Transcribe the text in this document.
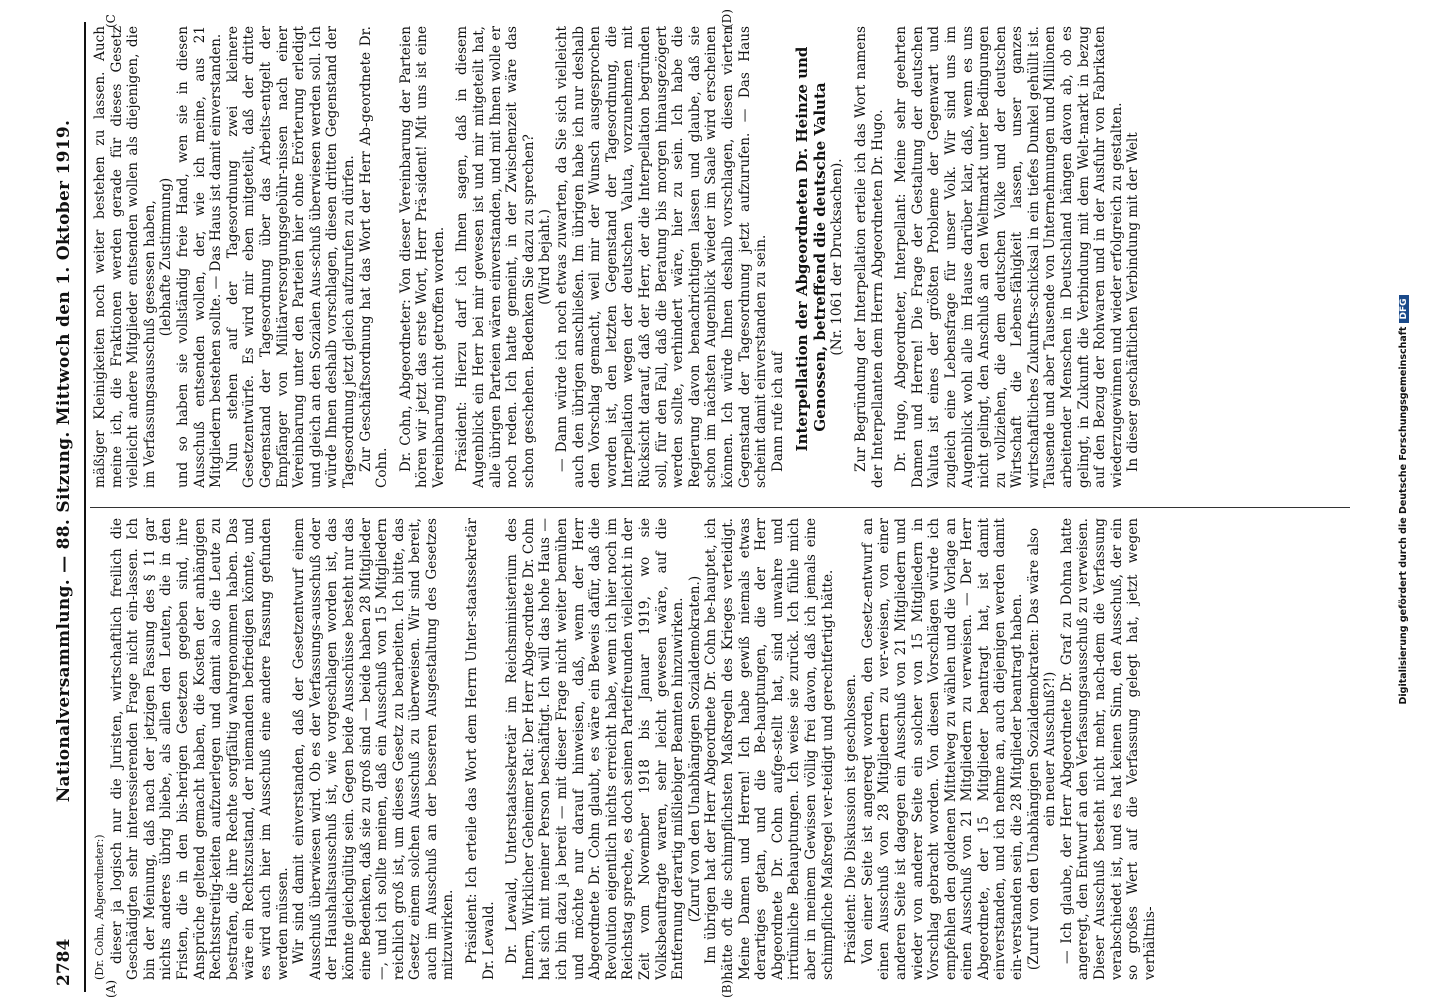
2784
Nationalversammlung. — 88. Sitzung. Mittwoch den 1. Oktober 1919.
(A)	(B)
(C	(D)

(Dr. Cohn, Abgeordneter:) dieser ja logisch nur die Juristen, wirtschaftlich freilich die Geschädigten sehr interessierenden Frage nicht ein-lassen. Ich bin der Meinung, daß nach der jetzigen Fassung des § 11 gar nichts anderes übrig bliebe, als allen den Leuten, die in den Fristen, die in den bis-herigen Gesetzen gegeben sind, ihre Ansprüche geltend gemacht haben, die Kosten der anhängigen Rechtsstreitig-keiten aufzuerlegen und damit also die Leute zu bestrafen, die ihre Rechte sorgfältig wahrgenommen haben. Das wäre ein Rechtszustand, der niemanden befriedigen könnte, und es wird auch hier im Ausschuß eine andere Fassung gefunden werden müssen. Wir sind damit einverstanden, daß der Gesetzentwurf einem Ausschuß überwiesen wird. Ob es der Verfassungs-ausschuß oder der Haushaltsausschuß ist, wie vorgeschlagen worden ist, das könnte gleichgültig sein. Gegen beide Ausschüsse besteht nur das eine Bedenken, daß sie zu groß sind — beide haben 28 Mitglieder —, und ich sollte meinen, daß ein Ausschuß von 15 Mitgliedern reichlich groß ist, um dieses Gesetz zu bearbeiten. Ich bitte, das Gesetz einem solchen Ausschuß zu überweisen. Wir sind bereit, auch im Ausschuß an der besseren Ausgestaltung des Gesetzes mitzuwirken. Präsident: Ich erteile das Wort dem Herrn Unter-staatssekretär Dr. Lewald. Dr. Lewald, Unterstaatssekretär im Reichsministerium des Innern, Wirklicher Geheimer Rat: Der Herr Abge-ordnete Dr. Cohn hat sich mit meiner Person beschäftigt. Ich will das hohe Haus — ich bin dazu ja bereit — mit dieser Frage nicht weiter bemühen und möchte nur darauf hinweisen, daß, wenn der Herr Abgeordnete Dr. Cohn glaubt, es wäre ein Beweis dafür, daß die Revolution eigentlich nichts erreicht habe, wenn ich hier noch im Reichstag spreche, es doch seinen Parteifreunden vielleicht in der Zeit vom November 1918 bis Januar 1919, wo sie Volksbeauftragte waren, sehr leicht gewesen wäre, auf die Entfernung derartig mißliebiger Beamten hinzuwirken. (Zuruf von den Unabhängigen Sozialdemokraten.) Im übrigen hat der Herr Abgeordnete Dr. Cohn be-hauptet, ich hätte oft die schimpflichsten Maßregeln des Krieges verteidigt. Meine Damen und Herren! Ich habe gewiß niemals etwas derartiges getan, und die Be-hauptungen, die der Herr Abgeordnete Dr. Cohn aufge-stellt hat, sind unwahre und irrtümliche Behauptungen. Ich weise sie zurück. Ich fühle mich aber in meinem Gewissen völlig frei davon, daß ich jemals eine schimpfliche Maßregel ver-teidigt und gerechtfertigt hätte. Präsident: Die Diskussion ist geschlossen. Von einer Seite ist angeregt worden, den Gesetz-entwurf an einen Ausschuß von 28 Mitgliedern zu ver-weisen, von einer anderen Seite ist dagegen ein Ausschuß von 21 Mitgliedern und wieder von anderer Seite ein solcher von 15 Mitgliedern in Vorschlag gebracht worden. Von diesen Vorschlägen würde ich empfehlen den goldenen Mittelweg zu wählen und die Vorlage an einen Ausschuß von 21 Mitgliedern zu verweisen. — Der Herr Abgeordnete, der 15 Mitglieder beantragt hat, ist damit einverstanden, und ich nehme an, auch diejenigen werden damit ein-verstanden sein, die 28 Mitglieder beantragt haben. (Zuruf von den Unabhängigen Sozialdemokraten: Das wäre also ein neuer Ausschuß?!) — Ich glaube, der Herr Abgeordnete Dr. Graf zu Dohna hatte angeregt, den Entwurf an den Verfassungsausschuß zu verweisen. Dieser Ausschuß besteht nicht mehr, nach-dem die Verfassung verabschiedet ist, und es hat keinen Sinn, den Ausschuß, der ein so großes Wert auf die Verfassung gelegt hat, jetzt wegen verhältnis-

mäßiger Kleinigkeiten noch weiter bestehen zu lassen. Auch meine ich, die Fraktionen werden gerade für dieses Gesetz vielleicht andere Mitglieder entsenden wollen als diejenigen, die im Verfassungsausschuß gesessen haben, (lebhafte Zustimmung) und so haben sie vollständig freie Hand, wen sie in diesen Ausschuß entsenden wollen, der, wie ich meine, aus 21 Mitgliedern bestehen sollte. — Das Haus ist damit einverstanden. Nun stehen auf der Tagesordnung zwei kleinere Gesetzentwürfe. Es wird mir eben mitgeteilt, daß der dritte Gegenstand der Tagesordnung über das Arbeits-entgelt der Empfänger von Militärversorgungsgebühr-nissen nach einer Vereinbarung unter den Parteien hier ohne Erörterung erledigt und gleich an den Sozialen Aus-schuß überwiesen werden soll. Ich würde Ihnen deshalb vorschlagen, diesen dritten Gegenstand der Tagesordnung jetzt gleich aufzurufen zu dürfen. Zur Geschäftsordnung hat das Wort der Herr Ab-geordnete Dr. Cohn. Dr. Cohn, Abgeordneter: Von dieser Vereinbarung der Parteien hören wir jetzt das erste Wort, Herr Prä-sident! Mit uns ist eine Vereinbarung nicht getroffen worden. Präsident: Hierzu darf ich Ihnen sagen, daß in diesem Augenblick ein Herr bei mir gewesen ist und mir mitgeteilt hat, alle übrigen Parteien wären einverstanden, und mit Ihnen wolle er noch reden. Ich hatte gemeint, in der Zwischenzeit wäre das schon geschehen. Bedenken Sie dazu zu sprechen? (Wird bejaht.) — Dann würde ich noch etwas zuwarten, da Sie sich vielleicht auch den übrigen anschließen. Im übrigen habe ich nur deshalb den Vorschlag gemacht, weil mir der Wunsch ausgesprochen worden ist, den letzten Gegenstand der Tagesordnung, die Interpellation wegen der deutschen Valuta, vorzunehmen mit Rücksicht darauf, daß der Herr, der die Interpellation begründen soll, für den Fall, daß die Beratung bis morgen hinausgezögert werden sollte, verhindert wäre, hier zu sein. Ich habe die Regierung davon benachrichtigen lassen und glaube, daß sie schon im nächsten Augenblick wieder im Saale wird erscheinen können. Ich würde Ihnen deshalb vorschlagen, diesen vierten Gegenstand der Tagesordnung jetzt aufzurufen. — Das Haus scheint damit einverstanden zu sein. Dann rufe ich auf Interpellation der Abgeordneten Dr. Heinze und Genossen, betreffend die deutsche Valuta (Nr. 1061 der Drucksachen). Zur Begründung der Interpellation erteile ich das Wort namens der Interpellanten dem Herrn Abgeordneten Dr. Hugo. Dr. Hugo, Abgeordneter, Interpellant: Meine sehr geehrten Damen und Herren! Die Frage der Gestaltung der deutschen Valuta ist eines der größten Probleme der Gegenwart und zugleich eine Lebensfrage für unser Volk. Wir sind uns im Augenblick wohl alle im Hause darüber klar, daß, wenn es uns nicht gelingt, den Anschluß an den Weltmarkt unter Bedingungen zu vollziehen, die dem deutschen Volke und der deutschen Wirtschaft die Lebens-fähigkeit lassen, unser ganzes wirtschaftliches Zukunfts-schicksal in ein tiefes Dunkel gehüllt ist. Tausende und aber Tausende von Unternehmungen und Millionen arbeitender Menschen in Deutschland hängen davon ab, ob es gelingt, in Zukunft die Verbindung mit dem Welt-markt in bezug auf den Bezug der Rohwaren und in der Ausfuhr von Fabrikaten wiederzugewinnen und wieder erfolgreich zu gestalten. In dieser geschäftlichen Verbindung mit der Welt

Digitalisierung gefördert durch die Deutsche ForschungsgemeinschaftDFG
